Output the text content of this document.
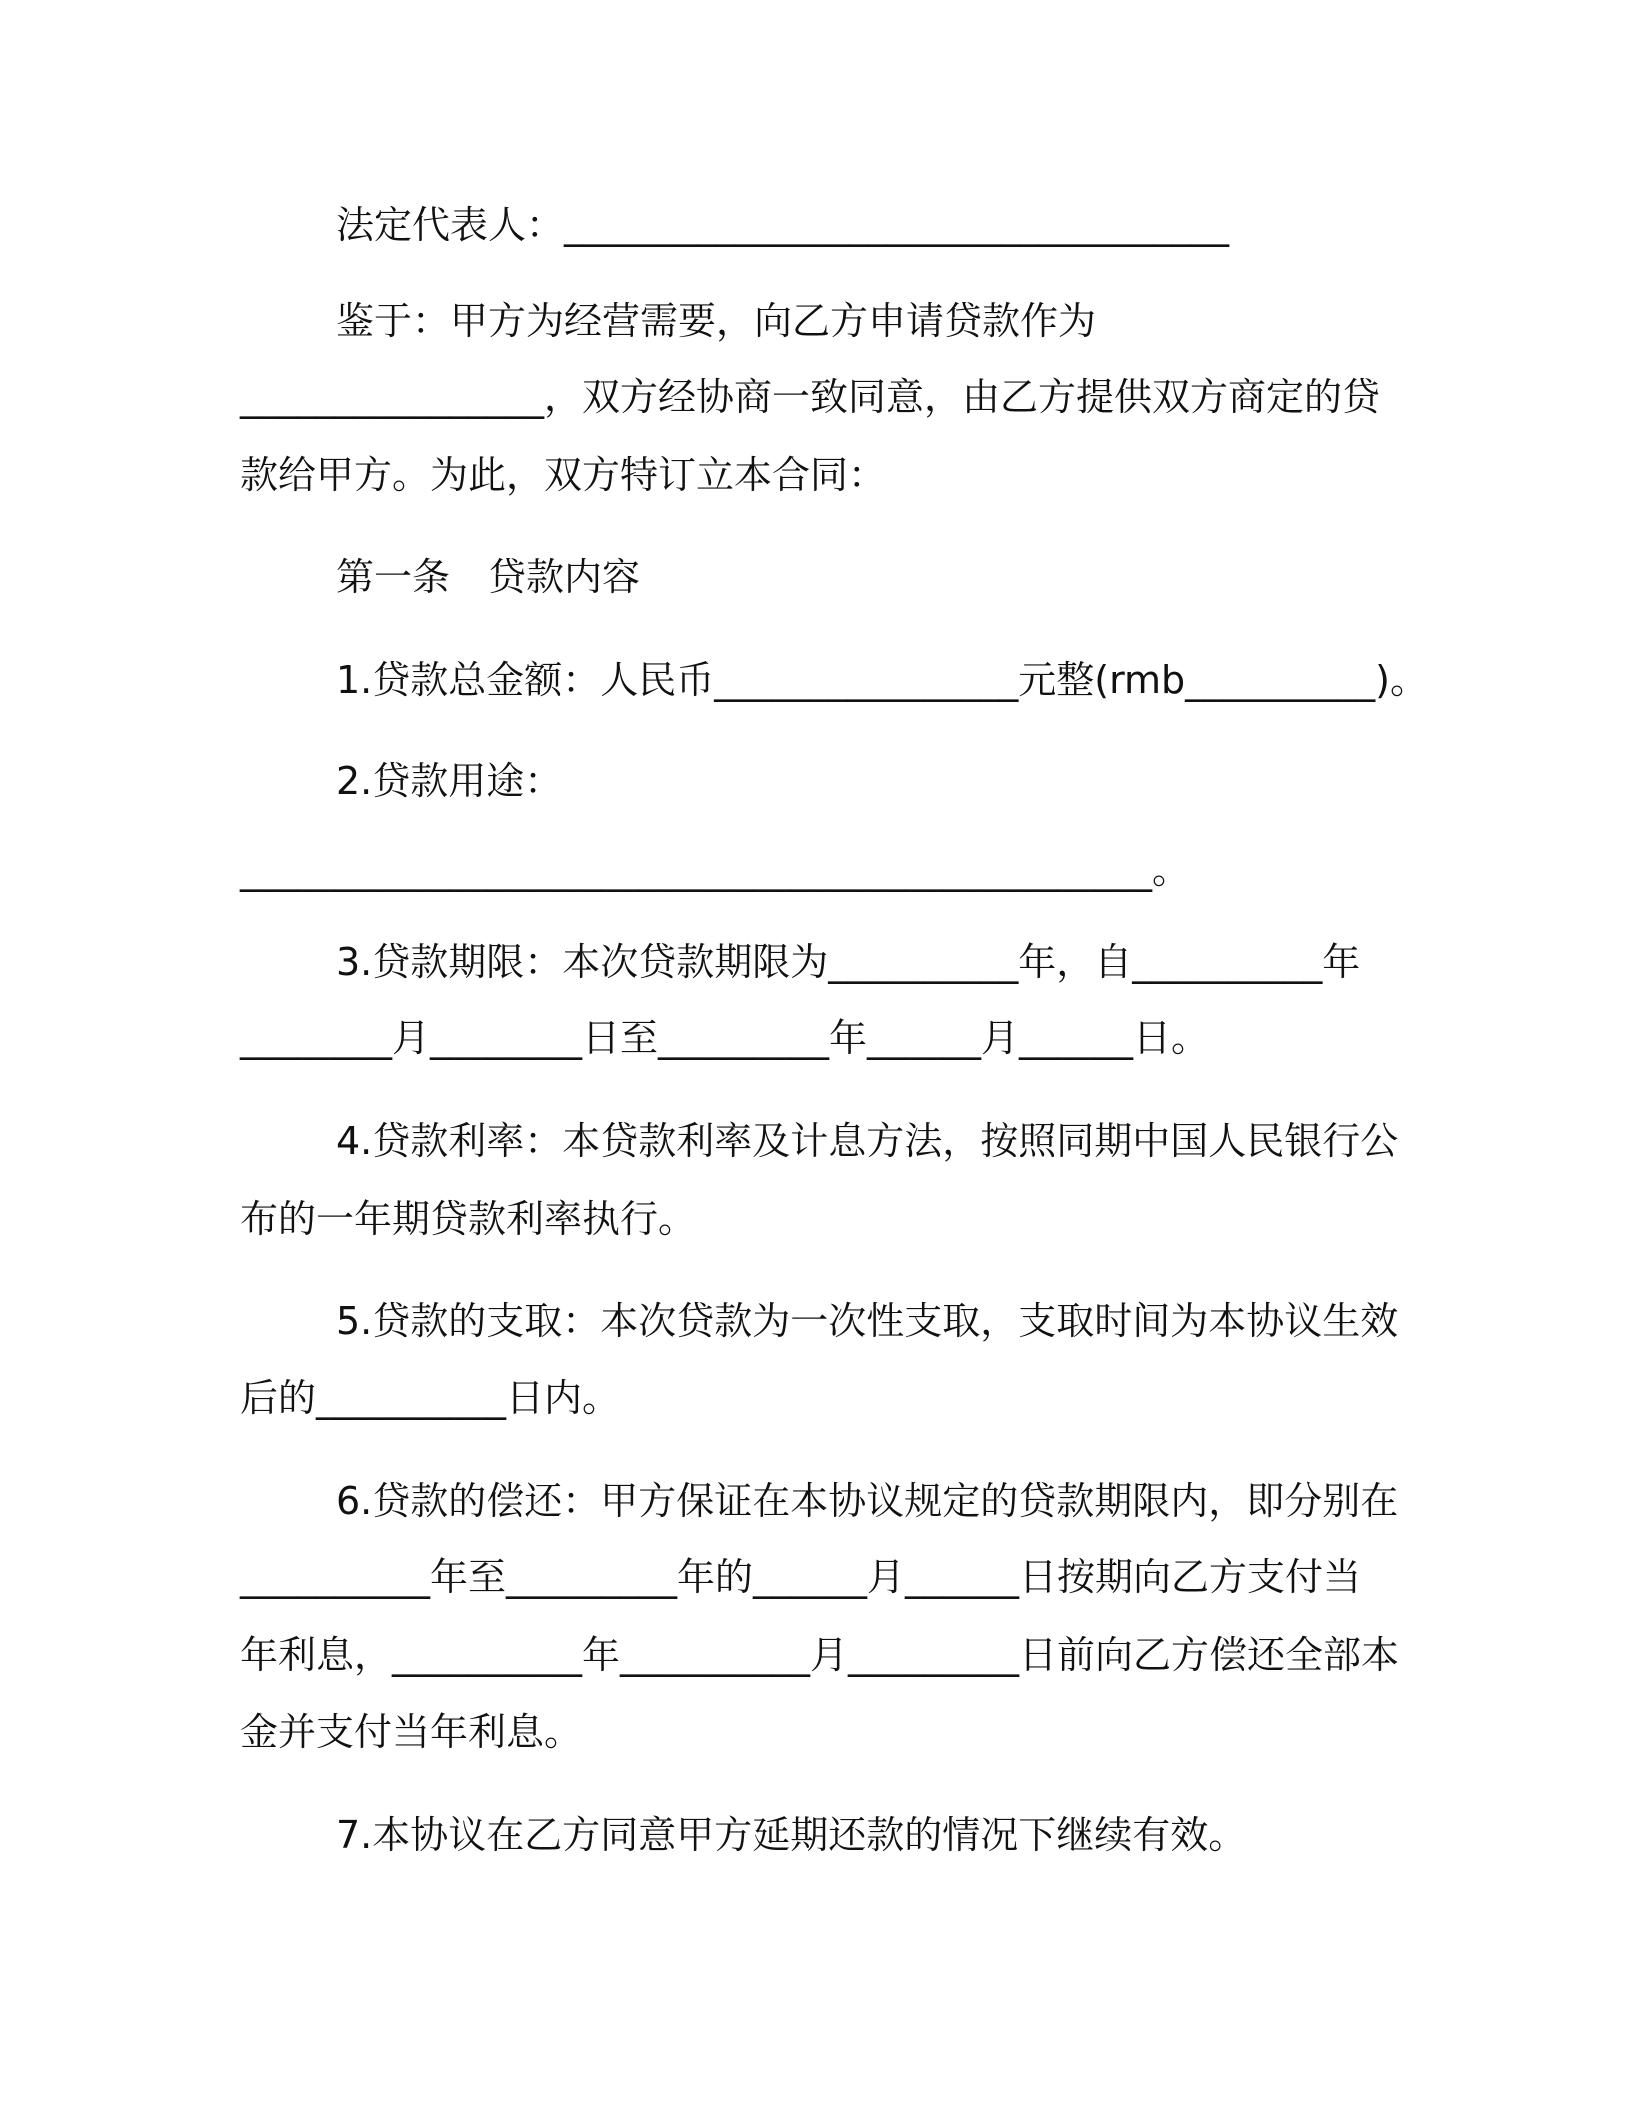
法定代表人：___________________________________
鉴于：甲方为经营需要，向乙方申请贷款作为
________________，双方经协商一致同意，由乙方提供双方商定的贷
款给甲方。为此，双方特订立本合同：
第一条　贷款内容
1.贷款总金额：人民币________________元整(rmb__________)。
2.贷款用途：
________________________________________________。
3.贷款期限：本次贷款期限为__________年，自__________年
________月________日至_________年______月______日。
4.贷款利率：本贷款利率及计息方法，按照同期中国人民银行公
布的一年期贷款利率执行。
5.贷款的支取：本次贷款为一次性支取，支取时间为本协议生效
后的__________日内。
6.贷款的偿还：甲方保证在本协议规定的贷款期限内，即分别在
__________年至_________年的______月______日按期向乙方支付当
年利息，__________年__________月_________日前向乙方偿还全部本
金并支付当年利息。
7.本协议在乙方同意甲方延期还款的情况下继续有效。
